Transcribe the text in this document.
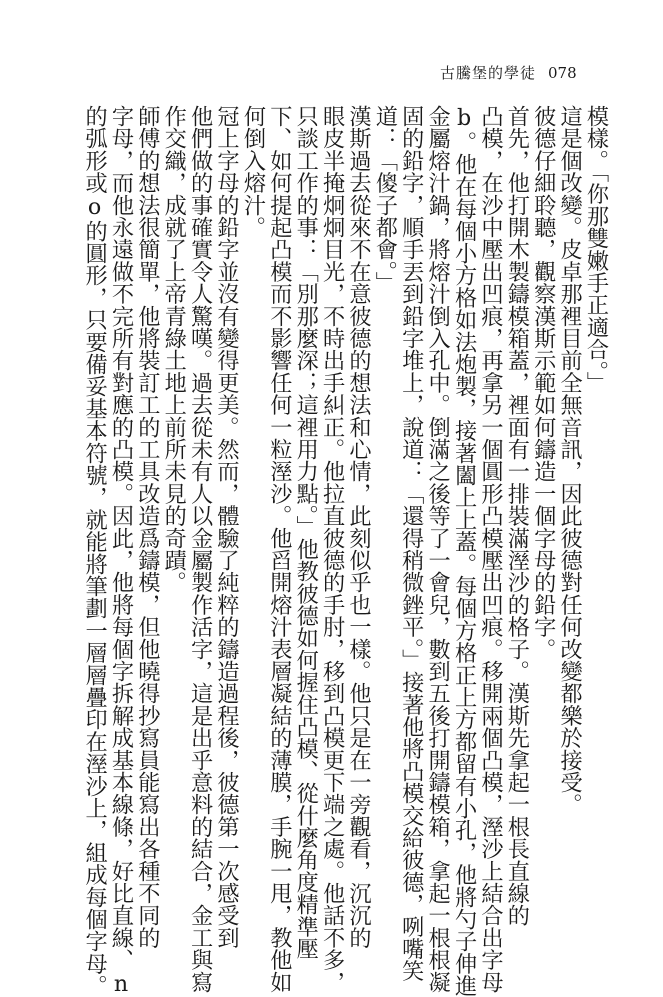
古騰堡的學徒 078
模樣。「你那雙嫩手正適合。」
這是個改變。皮卓那裡目前全無音訊，因此彼德對任何改變都樂於接受。
彼德仔細聆聽，觀察漢斯示範如何鑄造一個字母的鉛字。
首先，他打開木製鑄模箱蓋，裡面有一排裝滿溼沙的格子。漢斯先拿起一根長直線的
凸模，在沙中壓出凹痕，再拿另一個圓形凸模壓出凹痕。移開兩個凸模，溼沙上結合出字母
b。他在每個小方格如法炮製，接著闔上上蓋。每個方格正上方都留有小孔，他將勺子伸進
金屬熔汁鍋，將熔汁倒入孔中。倒滿之後等了一會兒，數到五後打開鑄模箱，拿起一根根凝
固的鉛字，順手丟到鉛字堆上，說道：「還得稍微銼平。」接著他將凸模交給彼德，咧嘴笑
道：「傻子都會。」
漢斯過去從來不在意彼德的想法和心情，此刻似乎也一樣。他只是在一旁觀看，沉沉的
眼皮半掩炯炯目光，不時出手糾正。他拉直彼德的手肘，移到凸模更下端之處。他話不多，
只談工作的事：「別那麼深；這裡用力點。」他教彼德如何握住凸模、從什麼角度精準壓
下、如何提起凸模而不影響任何一粒溼沙。他舀開熔汁表層凝結的薄膜，手腕一甩，教他如
何倒入熔汁。
冠上字母的鉛字並沒有變得更美。然而，體驗了純粹的鑄造過程後，彼德第一次感受到
他們做的事確實令人驚嘆。過去從未有人以金屬製作活字，這是出乎意料的結合，金工與寫
作交織，成就了上帝青綠土地上前所未見的奇蹟。
師傅的想法很簡單，他將裝訂工的工具改造爲鑄模，但他曉得抄寫員能寫出各種不同的
字母，而他永遠做不完所有對應的凸模。因此，他將每個字拆解成基本線條，好比直線、n
的弧形或o的圓形，只要備妥基本符號，就能將筆劃一層層疊印在溼沙上，組成每個字母。
